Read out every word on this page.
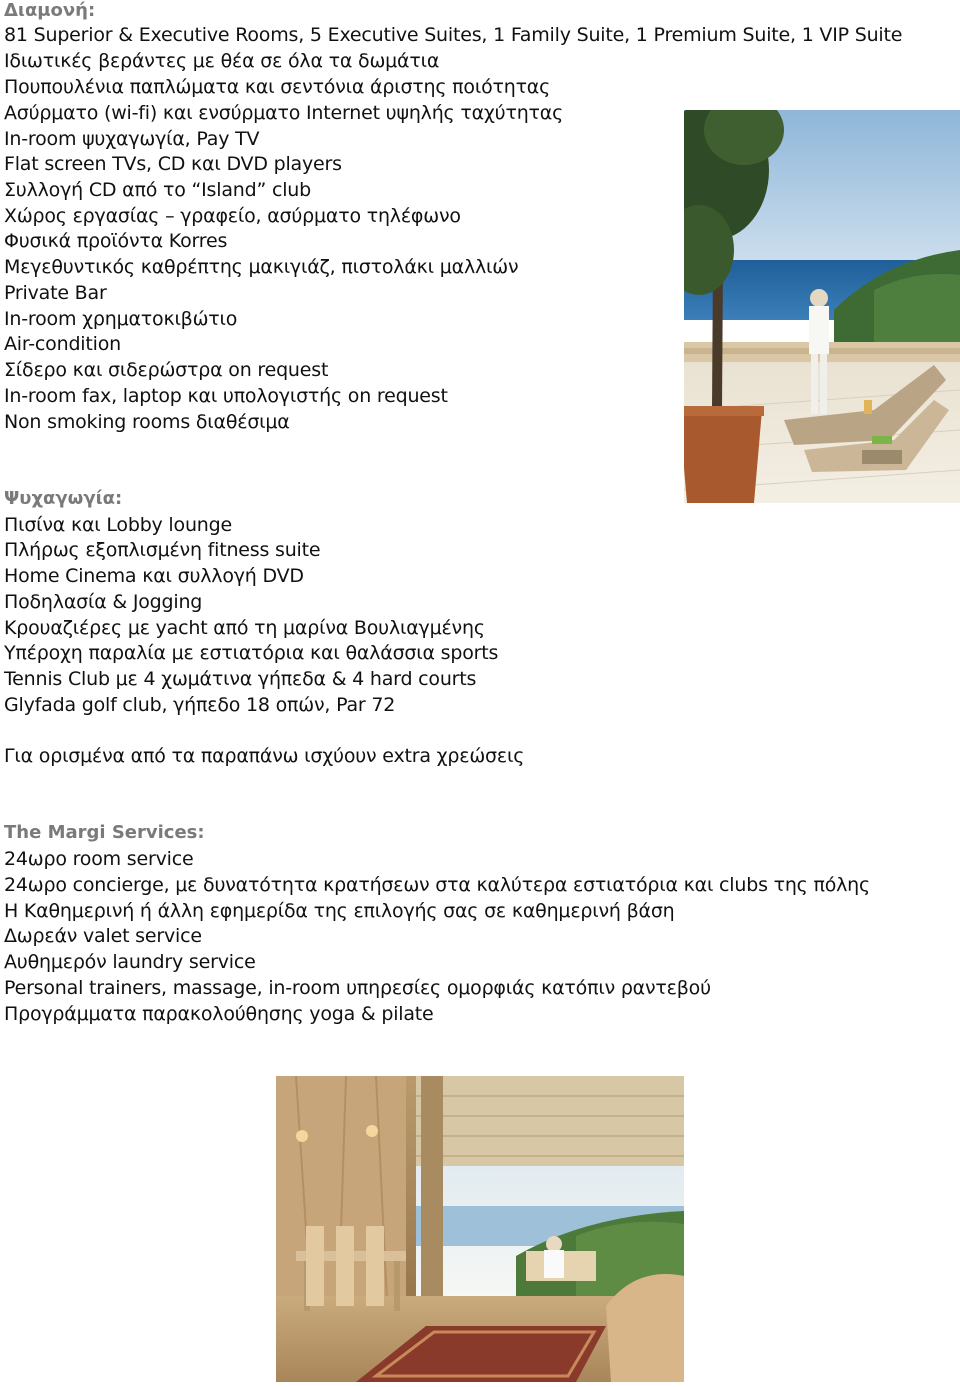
Διαμονή:
81 Superior & Executive Rooms, 5 Executive Suites, 1 Family Suite, 1 Premium Suite, 1 VIP Suite
Ιδιωτικές βεράντες με θέα σε όλα τα δωμάτια
Πουπουλένια παπλώματα και σεντόνια άριστης ποιότητας
Ασύρματο (wi-fi) και ενσύρματο Internet υψηλής ταχύτητας
In-room ψυχαγωγία, Pay TV
Flat screen TVs, CD και DVD players
Συλλογή CD από το “Island” club
Χώρος εργασίας – γραφείο, ασύρματο τηλέφωνο
Φυσικά προϊόντα Korres
Μεγεθυντικός καθρέπτης μακιγιάζ, πιστολάκι μαλλιών
Private Bar
In-room χρηματοκιβώτιο
Air-condition
Σίδερο και σιδερώστρα on request
In-room fax, laptop και υπολογιστής on request
Non smoking rooms διαθέσιμα
Ψυχαγωγία:
Πισίνα και Lobby lounge
Πλήρως εξοπλισμένη fitness suite
Home Cinema και συλλογή DVD
Ποδηλασία & Jogging
Κρουαζιέρες με yacht από τη μαρίνα Βουλιαγμένης
Υπέροχη παραλία με εστιατόρια και θαλάσσια sports
Tennis Club με 4 χωμάτινα γήπεδα & 4 hard courts
Glyfada golf club, γήπεδο 18 οπών, Par 72
Για ορισμένα από τα παραπάνω ισχύουν extra χρεώσεις
The Margi Services:
24ωρο room service
24ωρο concierge, με δυνατότητα κρατήσεων στα καλύτερα εστιατόρια και clubs της πόλης
Η Καθημερινή ή άλλη εφημερίδα της επιλογής σας σε καθημερινή βάση
Δωρεάν valet service
Αυθημερόν laundry service
Personal trainers, massage, in-room υπηρεσίες ομορφιάς κατόπιν ραντεβού
Προγράμματα παρακολούθησης yoga & pilate
